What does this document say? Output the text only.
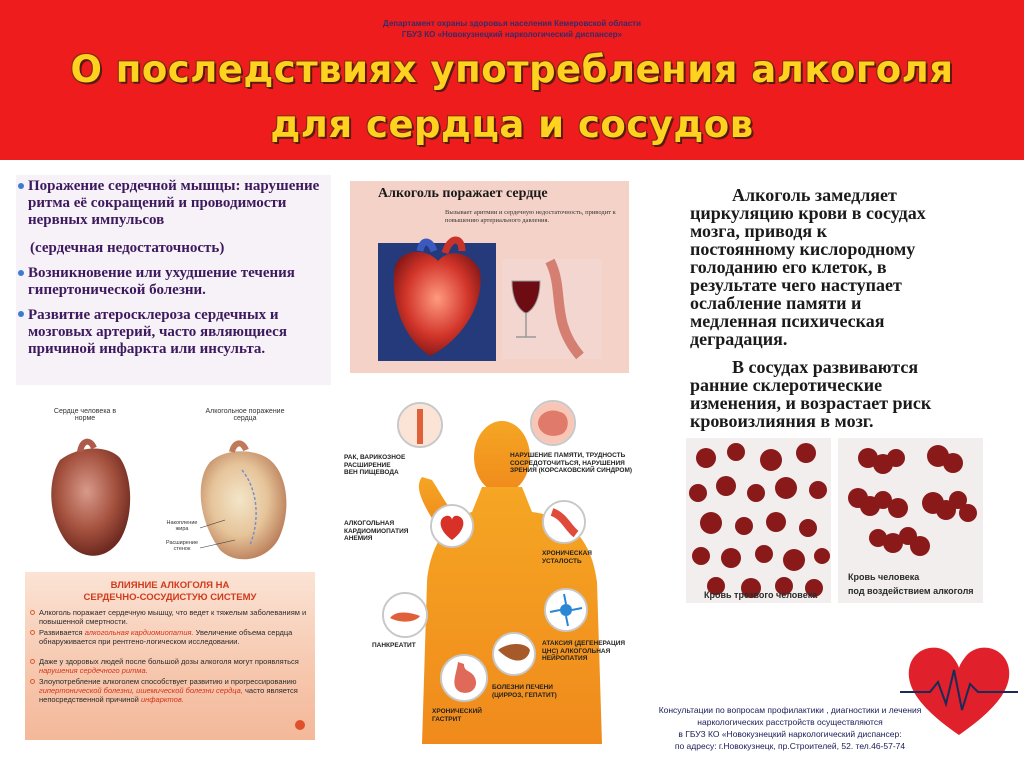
Департамент охраны здоровья населения Кемеровской области
ГБУЗ КО «Новокузнецкий наркологический диспансер»
О последствиях употребления алкоголя
для сердца и сосудов
Поражение сердечной мышцы: нарушение ритма её сокращений и проводимости нервных импульсов
(сердечная недостаточность)
Возникновение или ухудшение течения гипертонической болезни.
Развитие атеросклероза сердечных и мозговых артерий, часто являющиеся причиной инфаркта или инсульта.
Сердце человека в норме
Алкогольное поражение сердца
Накопление жира
Расширение стенок
ВЛИЯНИЕ АЛКОГОЛЯ НА
СЕРДЕЧНО-СОСУДИСТУЮ СИСТЕМУ
Алкоголь поражает сердечную мышцу, что ведет к тяжелым заболеваниям и повышенной смертности.
Развивается алкогольная кардиомиопатия. Увеличение объема сердца обнаруживается при рентгено-логическом исследовании.
Даже у здоровых людей после большой дозы алкоголя могут проявляться нарушения сердечного ритма.
Злоупотребление алкоголем способствует развитию и прогрессированию гипертонической болезни, ишемической болезни сердца, часто является непосредственной причиной инфарктов.
Алкоголь поражает сердце
Вызывает аритмии и сердечную недостаточность, приводит к повышению артериального давления.
РАК, ВАРИКОЗНОЕ РАСШИРЕНИЕ ВЕН ПИЩЕВОДА
НАРУШЕНИЕ ПАМЯТИ, ТРУДНОСТЬ СОСРЕДОТОЧИТЬСЯ, НАРУШЕНИЯ ЗРЕНИЯ (КОРСАКОВСКИЙ СИНДРОМ)
АЛКОГОЛЬНАЯ КАРДИОМИОПАТИЯ АНЕМИЯ
ХРОНИЧЕСКАЯ УСТАЛОСТЬ
ПАНКРЕАТИТ	АТАКСИЯ (ДЕГЕНЕРАЦИЯ ЦНС) АЛКОГОЛЬНАЯ НЕЙРОПАТИЯ
БОЛЕЗНИ ПЕЧЕНИ (ЦИРРОЗ, ГЕПАТИТ)
ХРОНИЧЕСКИЙ ГАСТРИТ
Алкоголь замедляет
циркуляцию крови в сосудах
мозга, приводя к
постоянному кислородному
голоданию его клеток, в
результате чего наступает
ослабление памяти и
медленная психическая
деградация.
В сосудах развиваются
ранние склеротические
изменения, и возрастает риск
кровоизлияния в мозг.
Кровь трезвого человека
Кровь человека
под воздействием алкоголя
Консультации по вопросам профилактики , диагностики и лечения
наркологических расстройств осуществляются
в ГБУЗ КО «Новокузнецкий наркологический диспансер:
по адресу: г.Новокузнецк, пр.Строителей, 52. тел.46-57-74
